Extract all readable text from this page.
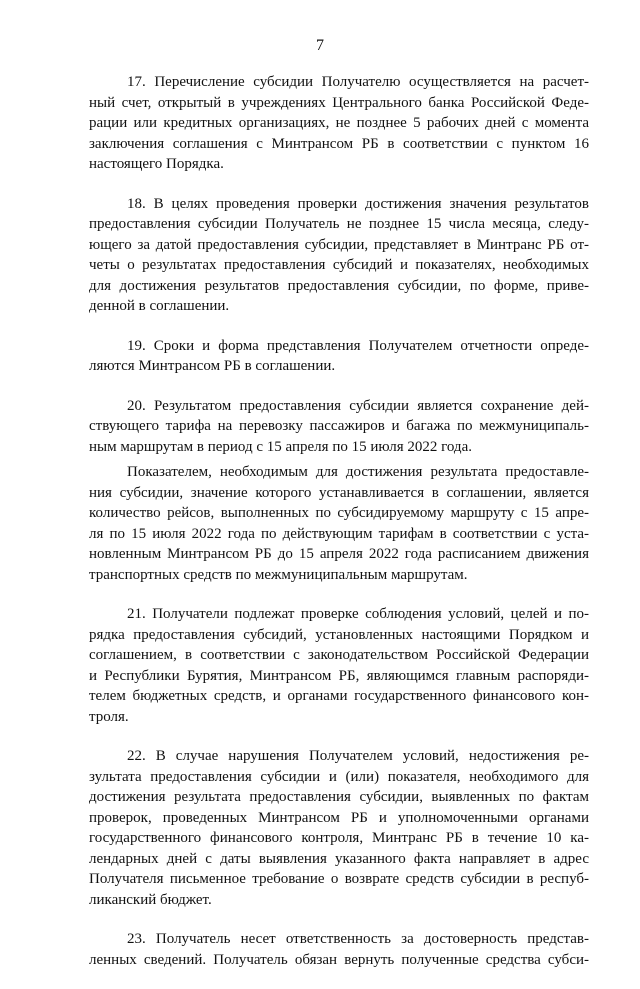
7
17. Перечисление субсидии Получателю осуществляется на расчет-
ный счет, открытый в учреждениях Центрального банка Российской Феде-
рации или кредитных организациях, не позднее 5 рабочих дней с момента
заключения соглашения с Минтрансом РБ в соответствии с пунктом 16
настоящего Порядка.
18. В целях проведения проверки достижения значения результатов
предоставления субсидии Получатель не позднее 15 числа месяца, следу-
ющего за датой предоставления субсидии, представляет в Минтранс РБ от-
четы о результатах предоставления субсидий и показателях, необходимых
для достижения результатов предоставления субсидии, по форме, приве-
денной в соглашении.
19. Сроки и форма представления Получателем отчетности опреде-
ляются Минтрансом РБ в соглашении.
20. Результатом предоставления субсидии является сохранение дей-
ствующего тарифа на перевозку пассажиров и багажа по межмуниципаль-
ным маршрутам в период с 15 апреля по 15 июля 2022 года.
Показателем, необходимым для достижения результата предоставле-
ния субсидии, значение которого устанавливается в соглашении, является
количество рейсов, выполненных по субсидируемому маршруту с 15 апре-
ля по 15 июля 2022 года по действующим тарифам в соответствии с уста-
новленным Минтрансом РБ до 15 апреля 2022 года расписанием движения
транспортных средств по межмуниципальным маршрутам.
21. Получатели подлежат проверке соблюдения условий, целей и по-
рядка предоставления субсидий, установленных настоящими Порядком и
соглашением, в соответствии с законодательством Российской Федерации
и Республики Бурятия, Минтрансом РБ, являющимся главным распоряди-
телем бюджетных средств, и органами государственного финансового кон-
троля.
22. В случае нарушения Получателем условий, недостижения ре-
зультата предоставления субсидии и (или) показателя, необходимого для
достижения результата предоставления субсидии, выявленных по фактам
проверок, проведенных Минтрансом РБ и уполномоченными органами
государственного финансового контроля, Минтранс РБ в течение 10 ка-
лендарных дней с даты выявления указанного факта направляет в адрес
Получателя письменное требование о возврате средств субсидии в респуб-
ликанский бюджет.
23. Получатель несет ответственность за достоверность представ-
ленных сведений. Получатель обязан вернуть полученные средства субси-
